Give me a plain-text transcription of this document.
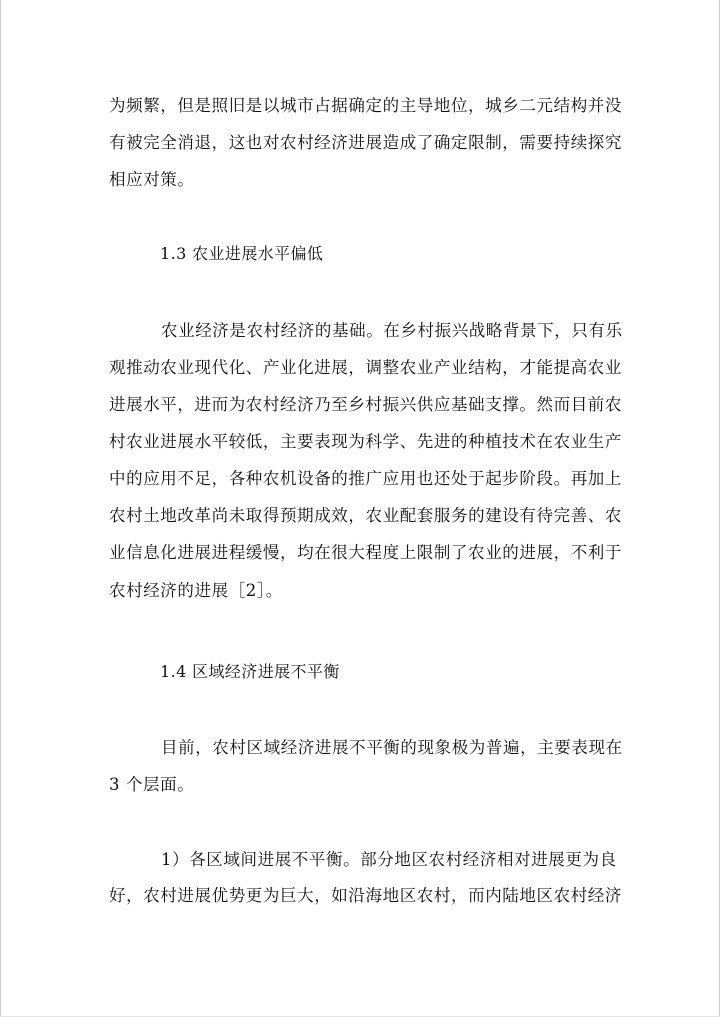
为频繁，但是照旧是以城市占据确定的主导地位，城乡二元结构并没
有被完全消退，这也对农村经济进展造成了确定限制，需要持续探究
相应对策。
1.3 农业进展水平偏低
农业经济是农村经济的基础。在乡村振兴战略背景下，只有乐
观推动农业现代化、产业化进展，调整农业产业结构，才能提高农业
进展水平，进而为农村经济乃至乡村振兴供应基础支撑。然而目前农
村农业进展水平较低，主要表现为科学、先进的种植技术在农业生产
中的应用不足，各种农机设备的推广应用也还处于起步阶段。再加上
农村土地改革尚未取得预期成效，农业配套服务的建设有待完善、农
业信息化进展进程缓慢，均在很大程度上限制了农业的进展，不利于
农村经济的进展［2］。
1.4 区域经济进展不平衡
目前，农村区域经济进展不平衡的现象极为普遍，主要表现在
3 个层面。
1）各区域间进展不平衡。部分地区农村经济相对进展更为良
好，农村进展优势更为巨大，如沿海地区农村，而内陆地区农村经济
